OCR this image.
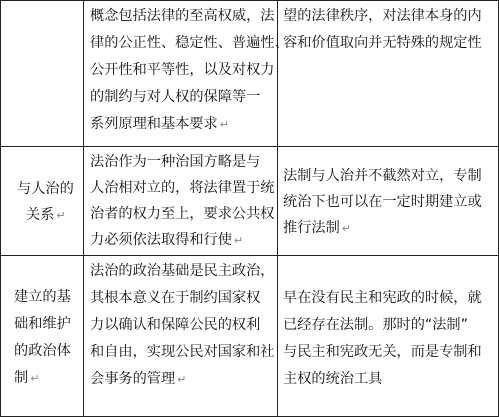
概念包括法律的至高权威，法
律的公正性、稳定性、普遍性、
公开性和平等性，以及对权力
的制约与对人权的保障等一
系列原理和基本要求 ↵
望的法律秩序，对法律本身的内
容和价值取向并无特殊的规定性
与人治的
关系 ↵
法治作为一种治国方略是与
人治相对立的，将法律置于统
治者的权力至上，要求公共权
力必须依法取得和行使 ↵
法制与人治并不截然对立，专制
统治下也可以在一定时期建立或
推行法制 ↵
建立的基
础和维护
的政治体
制 ↵
法治的政治基础是民主政治，
其根本意义在于制约国家权
力以确认和保障公民的权利
和自由，实现公民对国家和社
会事务的管理 ↵
早在没有民主和宪政的时候，就
已经存在法制。那时的“法制”
与民主和宪政无关，而是专制和
主权的统治工具
